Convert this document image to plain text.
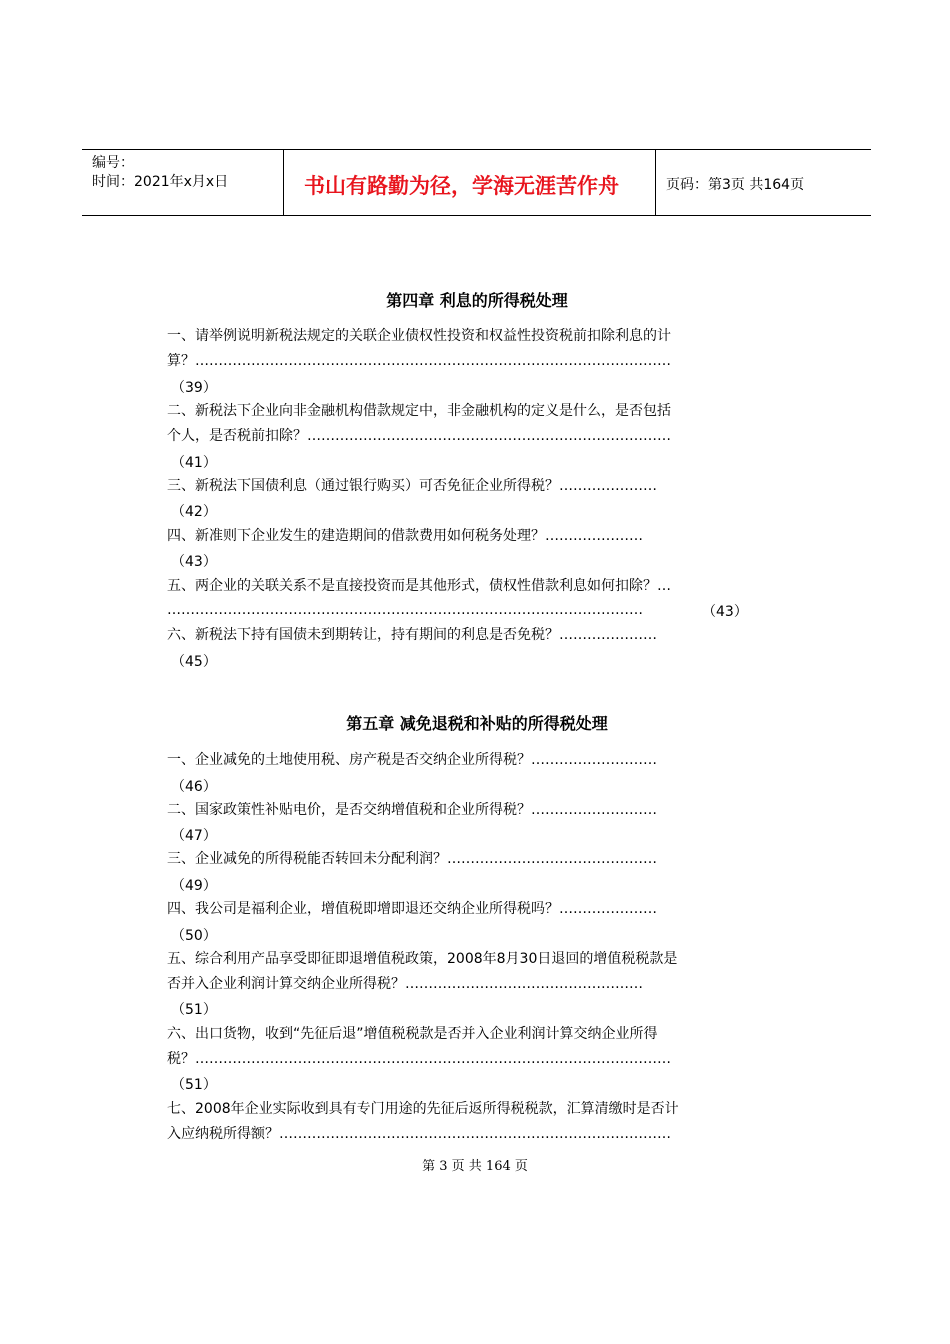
编号：
时间：2021年x月x日	书山有路勤为径，学海无涯苦作舟	页码：第3页 共164页
第四章 利息的所得税处理
一、请举例说明新税法规定的关联企业债权性投资和权益性投资税前扣除利息的计
算？…………………………………………………………………………………………
（39）
二、新税法下企业向非金融机构借款规定中，非金融机构的定义是什么，是否包括
个人，是否税前扣除？……………………………………………………………………
（41）
三、新税法下国债利息（通过银行购买）可否免征企业所得税？…………………
（42）
四、新准则下企业发生的建造期间的借款费用如何税务处理？…………………
（43）
五、两企业的关联关系不是直接投资而是其他形式，债权性借款利息如何扣除？…
…………………………………………………………………………………………	（43）
六、新税法下持有国债未到期转让，持有期间的利息是否免税？…………………
（45）
第五章 减免退税和补贴的所得税处理
一、企业减免的土地使用税、房产税是否交纳企业所得税？………………………
（46）
二、国家政策性补贴电价，是否交纳增值税和企业所得税？………………………
（47）
三、企业减免的所得税能否转回未分配利润？………………………………………
（49）
四、我公司是福利企业，增值税即增即退还交纳企业所得税吗？…………………
（50）
五、综合利用产品享受即征即退增值税政策，2008年8月30日退回的增值税税款是
否并入企业利润计算交纳企业所得税？……………………………………………
（51）
六、出口货物，收到“先征后退”增值税税款是否并入企业利润计算交纳企业所得
税？…………………………………………………………………………………………
（51）
七、2008年企业实际收到具有专门用途的先征后返所得税税款，汇算清缴时是否计
入应纳税所得额？…………………………………………………………………………
第 3 页 共 164 页
